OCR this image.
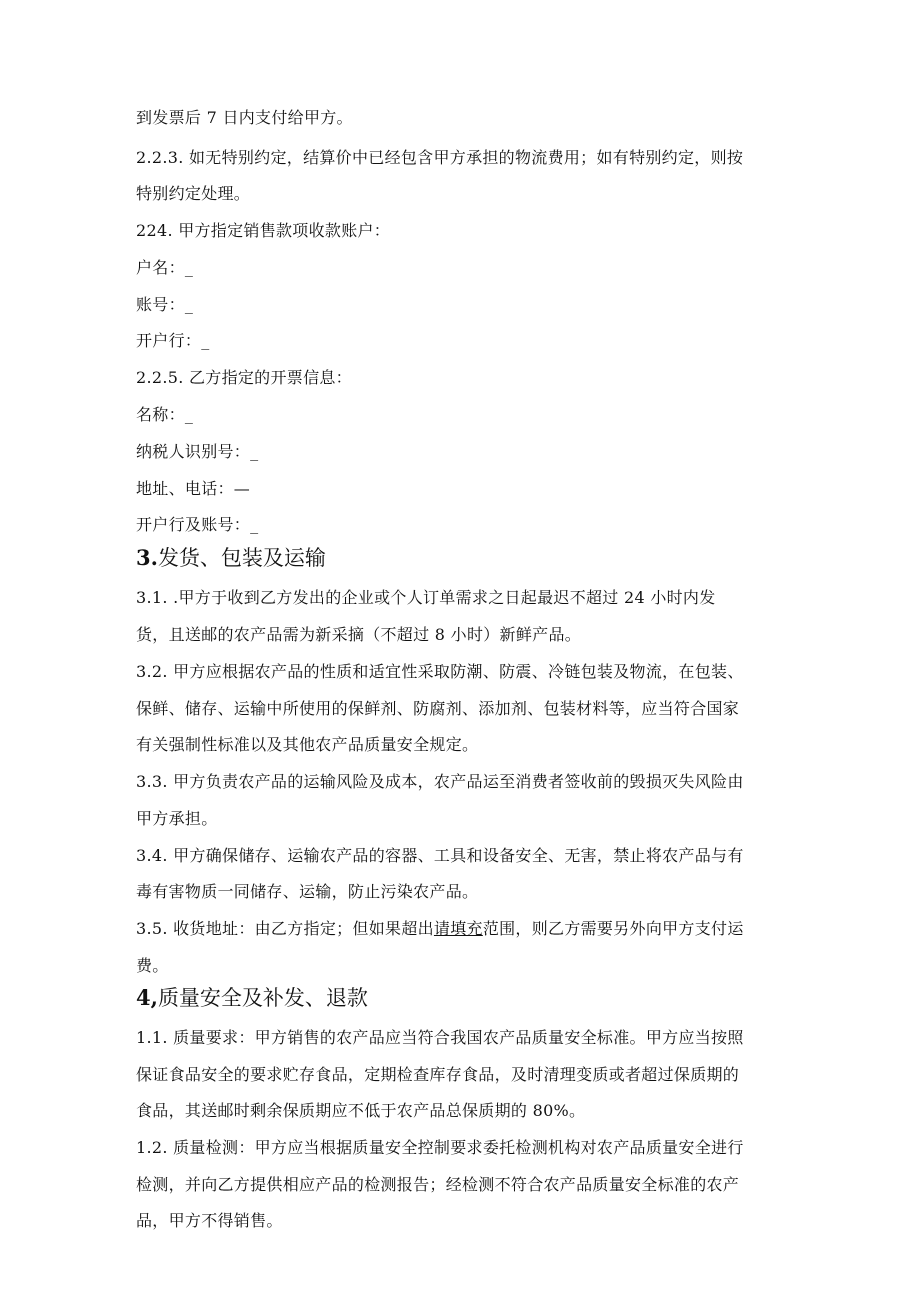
到发票后 7 日内支付给甲方。
2.2.3. 如无特别约定，结算价中已经包含甲方承担的物流费用；如有特别约定，则按
特别约定处理。
224. 甲方指定销售款项收款账户：
户名：_
账号：_
开户行：_
2.2.5. 乙方指定的开票信息：
名称：_
纳税人识别号：_
地址、电话：—
开户行及账号：_
3.发货、包装及运输
3.1. .甲方于收到乙方发出的企业或个人订单需求之日起最迟不超过 24 小时内发
货，且送邮的农产品需为新采摘（不超过 8 小时）新鲜产品。
3.2. 甲方应根据农产品的性质和适宜性采取防潮、防震、冷链包装及物流，在包装、
保鲜、储存、运输中所使用的保鲜剂、防腐剂、添加剂、包装材料等，应当符合国家
有关强制性标准以及其他农产品质量安全规定。
3.3. 甲方负责农产品的运输风险及成本，农产品运至消费者签收前的毁损灭失风险由
甲方承担。
3.4. 甲方确保储存、运输农产品的容器、工具和设备安全、无害，禁止将农产品与有
毒有害物质一同储存、运输，防止污染农产品。
3.5. 收货地址：由乙方指定；但如果超出请填充范围，则乙方需要另外向甲方支付运
费。
4,质量安全及补发、退款
1.1. 质量要求：甲方销售的农产品应当符合我国农产品质量安全标准。甲方应当按照
保证食品安全的要求贮存食品，定期检查库存食品，及时清理变质或者超过保质期的
食品，其送邮时剩余保质期应不低于农产品总保质期的 80%。
1.2. 质量检测：甲方应当根据质量安全控制要求委托检测机构对农产品质量安全进行
检测，并向乙方提供相应产品的检测报告；经检测不符合农产品质量安全标准的农产
品，甲方不得销售。
